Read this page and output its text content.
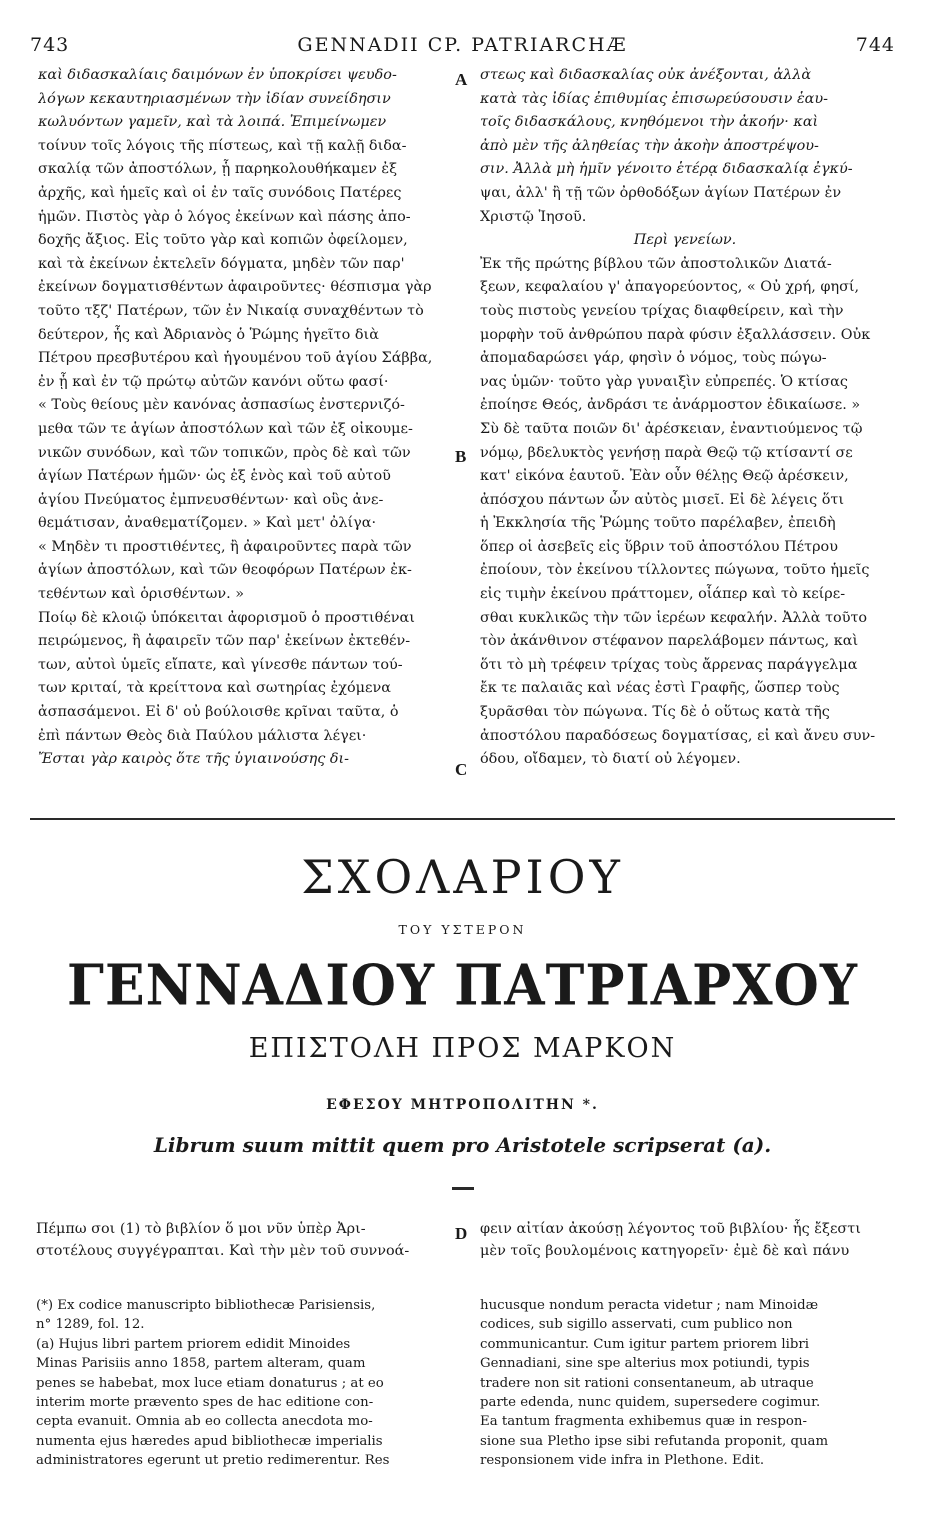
743	GENNADII CP. PATRIARCHÆ	744
καὶ διδασκαλίαις δαιμόνων ἐν ὑποκρίσει ψευδο-
λόγων κεκαυτηριασμένων τὴν ἰδίαν συνείδησιν
κωλυόντων γαμεῖν, καὶ τὰ λοιπά. Ἐπιμείνωμεν
τοίνυν τοῖς λόγοις τῆς πίστεως, καὶ τῇ καλῇ διδα-
σκαλίᾳ τῶν ἀποστόλων, ᾗ παρηκολουθήκαμεν ἐξ
ἀρχῆς, καὶ ἡμεῖς καὶ οἱ ἐν ταῖς συνόδοις Πατέρες
ἡμῶν. Πιστὸς γὰρ ὁ λόγος ἐκείνων καὶ πάσης ἀπο-
δοχῆς ἄξιος. Εἰς τοῦτο γὰρ καὶ κοπιῶν ὀφείλομεν,
καὶ τὰ ἐκείνων ἐκτελεῖν δόγματα, μηδὲν τῶν παρ'
ἐκείνων δογματισθέντων ἀφαιροῦντες· θέσπισμα γὰρ
τοῦτο τξζ' Πατέρων, τῶν ἐν Νικαίᾳ συναχθέντων τὸ
δεύτερον, ἧς καὶ Ἀδριανὸς ὁ Ῥώμης ἡγεῖτο διὰ
Πέτρου πρεσβυτέρου καὶ ἡγουμένου τοῦ ἁγίου Σάββα,
ἐν ᾗ καὶ ἐν τῷ πρώτῳ αὐτῶν κανόνι οὕτω φασί·
« Τοὺς θείους μὲν κανόνας ἀσπασίως ἐνστερνιζό-
μεθα τῶν τε ἁγίων ἀποστόλων καὶ τῶν ἐξ οἰκουμε-
νικῶν συνόδων, καὶ τῶν τοπικῶν, πρὸς δὲ καὶ τῶν
ἁγίων Πατέρων ἡμῶν· ὡς ἐξ ἑνὸς καὶ τοῦ αὐτοῦ
ἁγίου Πνεύματος ἐμπνευσθέντων· καὶ οὓς ἀνε-
θεμάτισαν, ἀναθεματίζομεν. » Καὶ μετ' ὀλίγα·
« Μηδὲν τι προστιθέντες, ἢ ἀφαιροῦντες παρὰ τῶν
ἁγίων ἀποστόλων, καὶ τῶν θεοφόρων Πατέρων ἐκ-
τεθέντων καὶ ὁρισθέντων. »
Ποίῳ δὲ κλοιῷ ὑπόκειται ἀφορισμοῦ ὁ προστιθέναι
πειρώμενος, ἢ ἀφαιρεῖν τῶν παρ' ἐκείνων ἐκτεθέν-
των, αὐτοὶ ὑμεῖς εἴπατε, καὶ γίνεσθε πάντων τού-
των κριταί, τὰ κρείττονα καὶ σωτηρίας ἐχόμενα
ἀσπασάμενοι. Εἰ δ' οὐ βούλοισθε κρῖναι ταῦτα, ὁ
ἐπὶ πάντων Θεὸς διὰ Παύλου μάλιστα λέγει·
Ἔσται γὰρ καιρὸς ὅτε τῆς ὑγιαινούσης δι-
στεως καὶ διδασκαλίας οὐκ ἀνέξονται, ἀλλὰ
κατὰ τὰς ἰδίας ἐπιθυμίας ἐπισωρεύσουσιν ἑαυ-
τοῖς διδασκάλους, κνηθόμενοι τὴν ἀκοήν· καὶ
ἀπὸ μὲν τῆς ἀληθείας τὴν ἀκοὴν ἀποστρέψου-
σιν. Ἀλλὰ μὴ ἡμῖν γένοιτο ἑτέρᾳ διδασκαλίᾳ ἐγκύ-
ψαι, ἀλλ' ἢ τῇ τῶν ὀρθοδόξων ἁγίων Πατέρων ἐν
Χριστῷ Ἰησοῦ.
Περὶ γενείων.
Ἐκ τῆς πρώτης βίβλου τῶν ἀποστολικῶν Διατά-
ξεων, κεφαλαίου γ' ἀπαγορεύοντος, « Οὐ χρή, φησί,
τοὺς πιστοὺς γενείου τρίχας διαφθείρειν, καὶ τὴν
μορφὴν τοῦ ἀνθρώπου παρὰ φύσιν ἐξαλλάσσειν. Οὐκ
ἀπομαδαρώσει γάρ, φησὶν ὁ νόμος, τοὺς πώγω-
νας ὑμῶν· τοῦτο γὰρ γυναιξὶν εὐπρεπές. Ὁ κτίσας
ἐποίησε Θεός, ἀνδράσι τε ἀνάρμοστον ἐδικαίωσε. »
Σὺ δὲ ταῦτα ποιῶν δι' ἀρέσκειαν, ἐναντιούμενος τῷ
νόμῳ, βδελυκτὸς γενήσῃ παρὰ Θεῷ τῷ κτίσαντί σε
κατ' εἰκόνα ἑαυτοῦ. Ἐὰν οὖν θέλῃς Θεῷ ἀρέσκειν,
ἀπόσχου πάντων ὧν αὐτὸς μισεῖ. Εἰ δὲ λέγεις ὅτι
ἡ Ἐκκλησία τῆς Ῥώμης τοῦτο παρέλαβεν, ἐπειδὴ
ὅπερ οἱ ἀσεβεῖς εἰς ὕβριν τοῦ ἀποστόλου Πέτρου
ἐποίουν, τὸν ἐκείνου τίλλοντες πώγωνα, τοῦτο ἡμεῖς
εἰς τιμὴν ἐκείνου πράττομεν, οἷάπερ καὶ τὸ κείρε-
σθαι κυκλικῶς τὴν τῶν ἱερέων κεφαλήν. Ἀλλὰ τοῦτο
τὸν ἀκάνθινον στέφανον παρελάβομεν πάντως, καὶ
ὅτι τὸ μὴ τρέφειν τρίχας τοὺς ἄρρενας παράγγελμα
ἔκ τε παλαιᾶς καὶ νέας ἐστὶ Γραφῆς, ὥσπερ τοὺς
ξυρᾶσθαι τὸν πώγωνα. Τίς δὲ ὁ οὕτως κατὰ τῆς
ἀποστόλου παραδόσεως δογματίσας, εἰ καὶ ἄνευ συν-
όδου, οἴδαμεν, τὸ διατί οὐ λέγομεν.
A
B
C
D
ΣΧΟΛΑΡΙΟΥ
ΤΟΥ ΥΣΤΕΡΟΝ
ΓΕΝΝΑΔΙΟΥ ΠΑΤΡΙΑΡΧΟΥ
ΕΠΙΣΤΟΛΗ ΠΡΟΣ ΜΑΡΚΟΝ
ΕΦΕΣΟΥ ΜΗΤΡΟΠΟΛΙΤΗΝ *.
Librum suum mittit quem pro Aristotele scripserat (a).
Πέμπω σοι (1) τὸ βιβλίον ὅ μοι νῦν ὑπὲρ Ἀρι-
στοτέλους συγγέγραπται. Καὶ τὴν μὲν τοῦ συννοά-
φειν αἰτίαν ἀκούσῃ λέγοντος τοῦ βιβλίου· ἧς ἔξεστι
μὲν τοῖς βουλομένοις κατηγορεῖν· ἐμὲ δὲ καὶ πάνυ
(*) Ex codice manuscripto bibliothecæ Parisiensis,
n° 1289, fol. 12.
(a) Hujus libri partem priorem edidit Minoides
Minas Parisiis anno 1858, partem alteram, quam
penes se habebat, mox luce etiam donaturus ; at eo
interim morte prævento spes de hac editione con-
cepta evanuit. Omnia ab eo collecta anecdota mo-
numenta ejus hæredes apud bibliothecæ imperialis
administratores egerunt ut pretio redimerentur. Res
hucusque nondum peracta videtur ; nam Minoidæ
codices, sub sigillo asservati, cum publico non
communicantur. Cum igitur partem priorem libri
Gennadiani, sine spe alterius mox potiundi, typis
tradere non sit rationi consentaneum, ab utraque
parte edenda, nunc quidem, supersedere cogimur.
Ea tantum fragmenta exhibemus quæ in respon-
sione sua Plethо ipse sibi refutanda proponit, quam
responsionem vide infra in Plethone. Edit.
